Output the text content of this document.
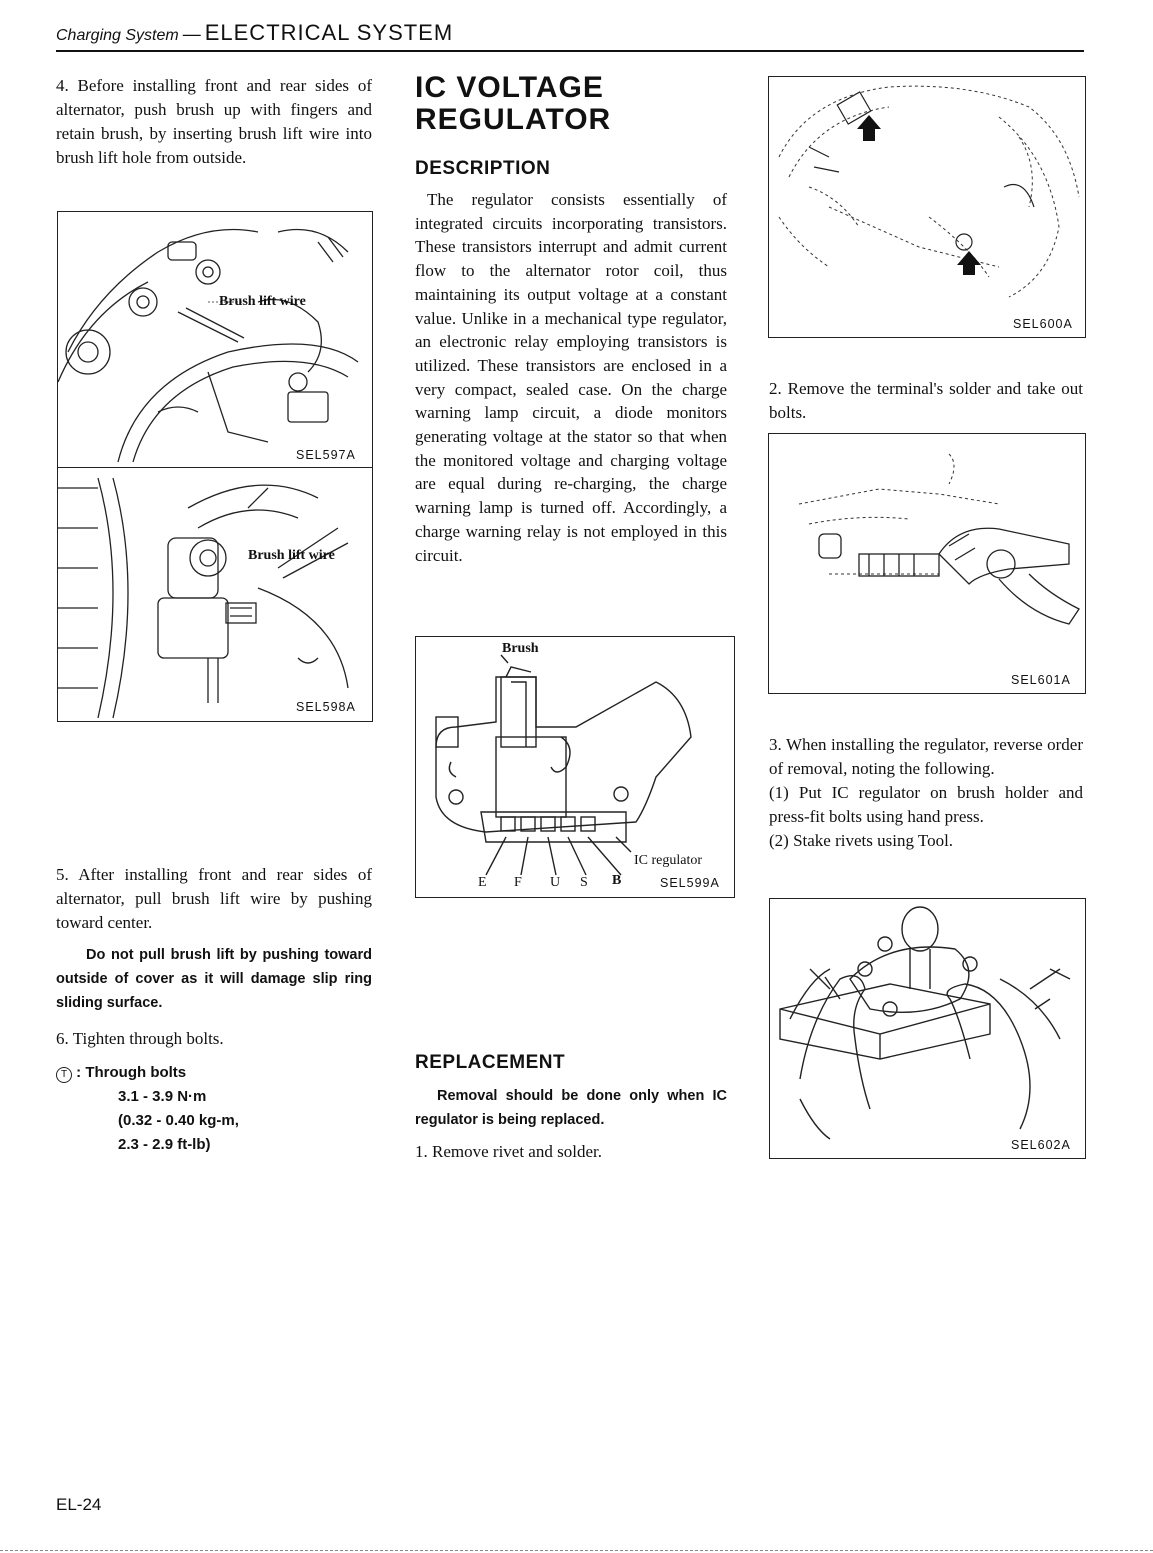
Charging System — ELECTRICAL SYSTEM

4. Before installing front and rear sides of alternator, push brush up with fingers and retain brush, by inserting brush lift wire into brush lift hole from outside.

Brush lift wire
SEL597A
Brush lift wire
SEL598A

5. After installing front and rear sides of alternator, pull brush lift wire by pushing toward center.

Do not pull brush lift by pushing toward outside of cover as it will damage slip ring sliding surface.

6. Tighten through bolts.

T : Through bolts
3.1 - 3.9 N·m
(0.32 - 0.40 kg-m,
2.3 - 2.9 ft-lb)
IC VOLTAGE
REGULATOR
DESCRIPTION

The regulator consists essentially of integrated circuits incorporating transistors. These transistors interrupt and admit current flow to the alternator rotor coil, thus maintaining its output voltage at a constant value. Unlike in a mechanical type regulator, an electronic relay employing transistors is utilized. These transistors are enclosed in a very compact, sealed case. On the charge warning lamp circuit, a diode monitors generating voltage at the stator so that when the monitored voltage and charging voltage are equal during re-charging, the charge warning lamp is turned off. Accordingly, a charge warning relay is not employed in this circuit.

Brush
IC regulator
E F U S B	SEL599A
REPLACEMENT

Removal should be done only when IC regulator is being replaced.

1. Remove rivet and solder.

SEL600A

2. Remove the terminal's solder and take out bolts.

SEL601A

3. When installing the regulator, reverse order of removal, noting the following.

(1) Put IC regulator on brush holder and press-fit bolts using hand press.

(2) Stake rivets using Tool.

SEL602A
EL-24
